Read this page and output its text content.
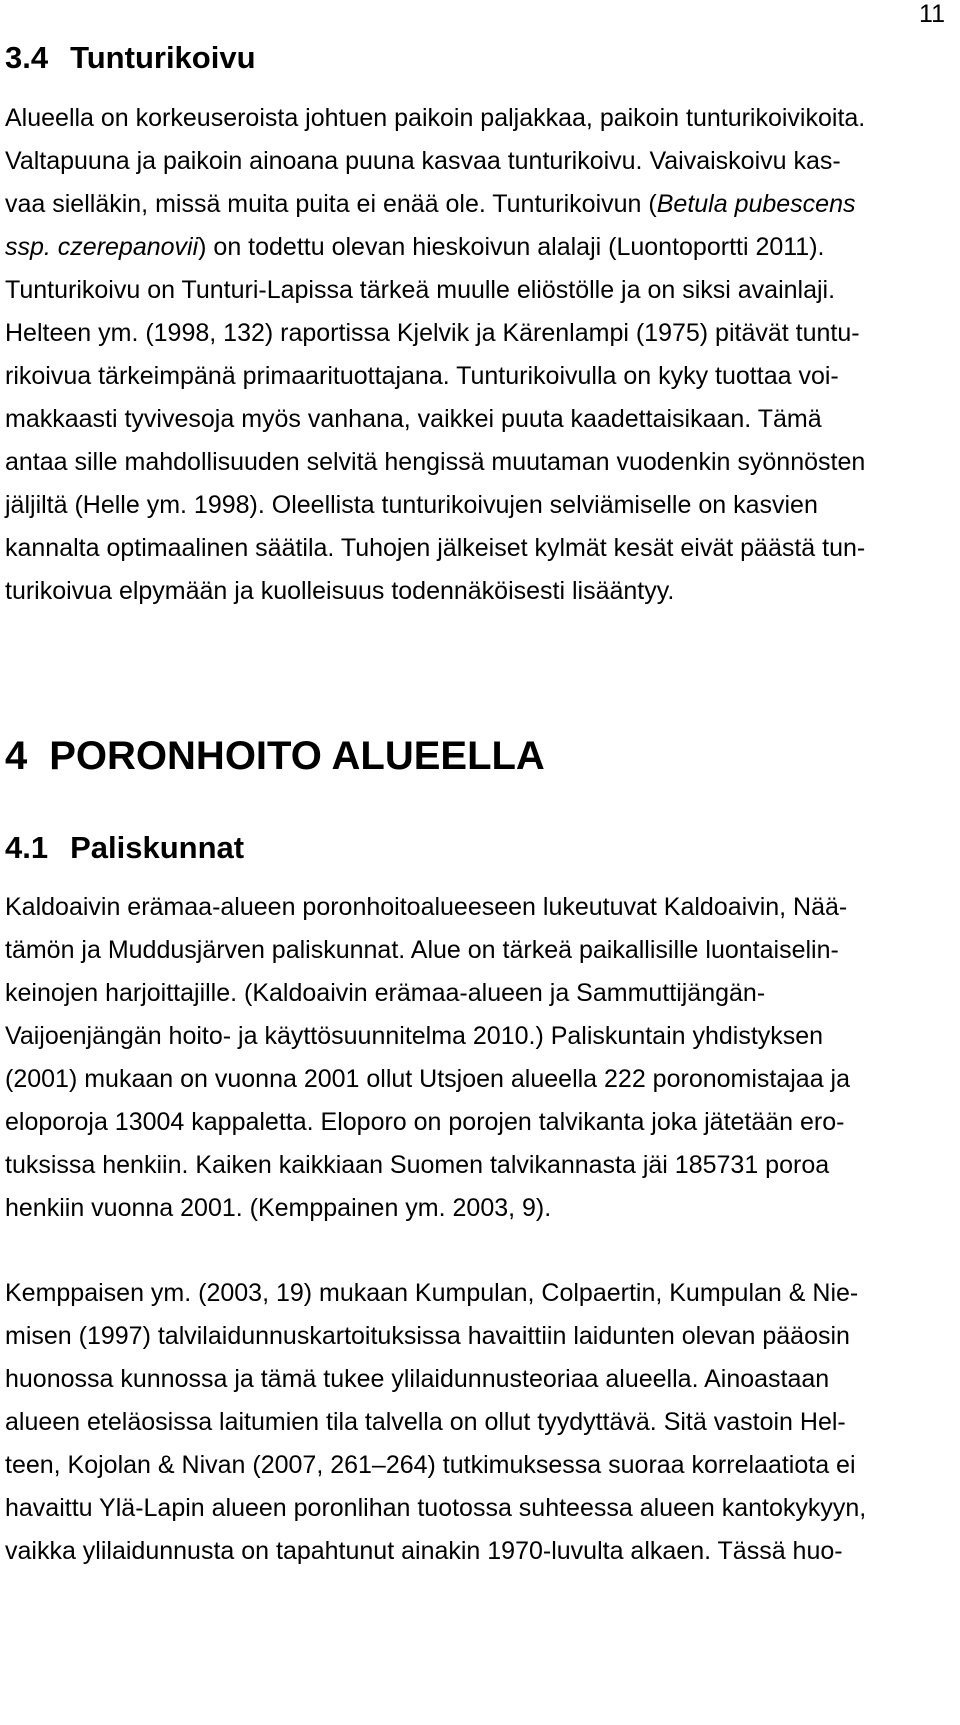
11
3.4 Tunturikoivu
Alueella on korkeuseroista johtuen paikoin paljakkaa, paikoin tunturikoivikoita.
Valtapuuna ja paikoin ainoana puuna kasvaa tunturikoivu. Vaivaiskoivu kas-
vaa sielläkin, missä muita puita ei enää ole. Tunturikoivun (Betula pubescens
ssp. czerepanovii) on todettu olevan hieskoivun alalaji (Luontoportti 2011).
Tunturikoivu on Tunturi-Lapissa tärkeä muulle eliöstölle ja on siksi avainlaji.
Helteen ym. (1998, 132) raportissa Kjelvik ja Kärenlampi (1975) pitävät tuntu-
rikoivua tärkeimpänä primaarituottajana. Tunturikoivulla on kyky tuottaa voi-
makkaasti tyvivesoja myös vanhana, vaikkei puuta kaadettaisikaan. Tämä
antaa sille mahdollisuuden selvitä hengissä muutaman vuodenkin syönnösten
jäljiltä (Helle ym. 1998). Oleellista tunturikoivujen selviämiselle on kasvien
kannalta optimaalinen säätila. Tuhojen jälkeiset kylmät kesät eivät päästä tun-
turikoivua elpymään ja kuolleisuus todennäköisesti lisääntyy.
4 PORONHOITO ALUEELLA
4.1 Paliskunnat
Kaldoaivin erämaa-alueen poronhoitoalueeseen lukeutuvat Kaldoaivin, Nää-
tämön ja Muddusjärven paliskunnat. Alue on tärkeä paikallisille luontaiselin-
keinojen harjoittajille. (Kaldoaivin erämaa-alueen ja Sammuttijängän-
Vaijoenjängän hoito- ja käyttösuunnitelma 2010.) Paliskuntain yhdistyksen
(2001) mukaan on vuonna 2001 ollut Utsjoen alueella 222 poronomistajaa ja
eloporoja 13004 kappaletta. Eloporo on porojen talvikanta joka jätetään ero-
tuksissa henkiin. Kaiken kaikkiaan Suomen talvikannasta jäi 185731 poroa
henkiin vuonna 2001. (Kemppainen ym. 2003, 9).
Kemppaisen ym. (2003, 19) mukaan Kumpulan, Colpaertin, Kumpulan & Nie-
misen (1997) talvilaidunnuskartoituksissa havaittiin laidunten olevan pääosin
huonossa kunnossa ja tämä tukee ylilaidunnusteoriaa alueella. Ainoastaan
alueen eteläosissa laitumien tila talvella on ollut tyydyttävä. Sitä vastoin Hel-
teen, Kojolan & Nivan (2007, 261–264) tutkimuksessa suoraa korrelaatiota ei
havaittu Ylä-Lapin alueen poronlihan tuotossa suhteessa alueen kantokykyyn,
vaikka ylilaidunnusta on tapahtunut ainakin 1970-luvulta alkaen. Tässä huo-
